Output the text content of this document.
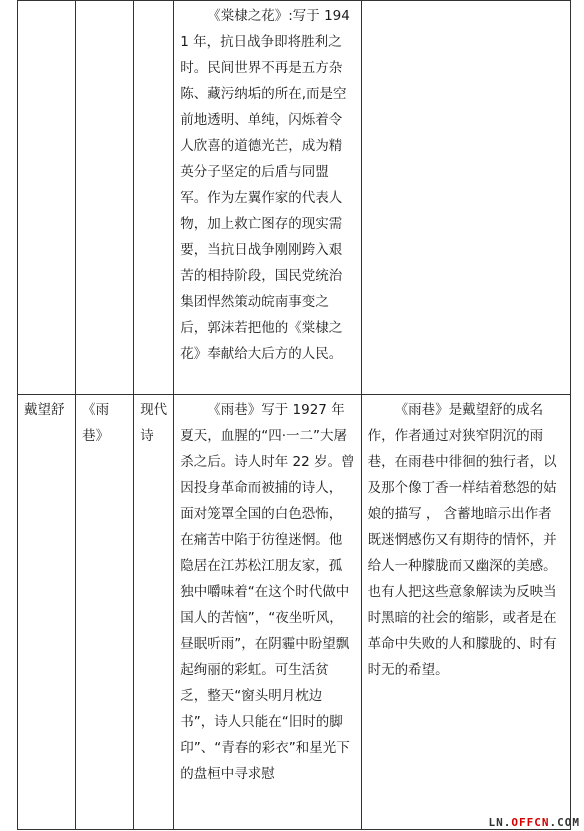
			《棠棣之花》:写于 1941 年，抗日战争即将胜利之时。民间世界不再是五方杂陈、藏污纳垢的所在,而是空前地透明、单纯，闪烁着令人欣喜的道德光芒，成为精英分子坚定的后盾与同盟军。作为左翼作家的代表人物，加上救亡图存的现实需要，当抗日战争刚刚跨入艰苦的相持阶段，国民党统治集团悍然策动皖南事变之后，郭沫若把他的《棠棣之花》奉献给大后方的人民。	

戴望舒	《雨巷》	现代诗	《雨巷》写于 1927 年夏天，血腥的“四·一二”大屠杀之后。诗人时年 22 岁。曾因投身革命而被捕的诗人，面对笼罩全国的白色恐怖，在痛苦中陷于彷徨迷惘。他隐居在江苏松江朋友家，孤独中嚼味着“在这个时代做中国人的苦恼”，“夜坐听风，昼眠听雨”，在阴霾中盼望飘起绚丽的彩虹。可生活贫乏，整天“窗头明月枕边书”，诗人只能在“旧时的脚印”、“青春的彩衣”和星光下的盘桓中寻求慰	《雨巷》是戴望舒的成名作，作者通过对狭窄阴沉的雨巷，在雨巷中徘徊的独行者，以及那个像丁香一样结着愁怨的姑娘的描写 ， 含蓄地暗示出作者既迷惘感伤又有期待的情怀，并给人一种朦胧而又幽深的美感。也有人把这些意象解读为反映当时黑暗的社会的缩影，或者是在革命中失败的人和朦胧的、时有时无的希望。

LN.OFFCN.COM
